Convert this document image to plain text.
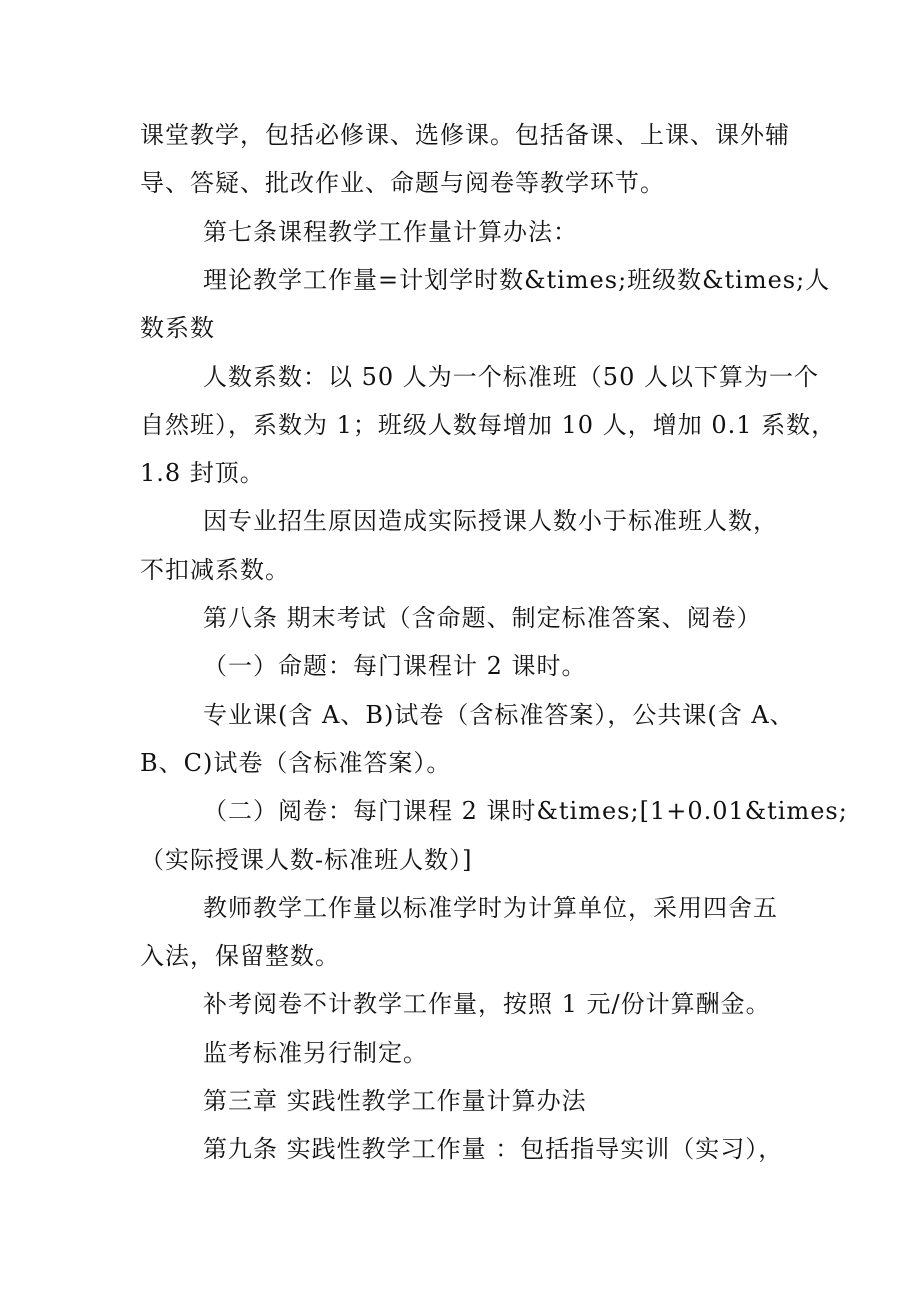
课堂教学，包括必修课、选修课。包括备课、上课、课外辅
导、答疑、批改作业、命题与阅卷等教学环节。
第七条课程教学工作量计算办法：
理论教学工作量=计划学时数&times;班级数&times;人
数系数
人数系数：以 50 人为一个标准班（50 人以下算为一个
自然班），系数为 1；班级人数每增加 10 人，增加 0.1 系数，
1.8 封顶。
因专业招生原因造成实际授课人数小于标准班人数，
不扣减系数。
第八条 期末考试（含命题、制定标准答案、阅卷）
（一）命题：每门课程计 2 课时。
专业课(含 A、B)试卷（含标准答案），公共课(含 A、
B、C)试卷（含标准答案）。
（二）阅卷：每门课程 2 课时&times;[1+0.01&times;
（实际授课人数-标准班人数）]
教师教学工作量以标准学时为计算单位，采用四舍五
入法，保留整数。
补考阅卷不计教学工作量，按照 1 元/份计算酬金。
监考标准另行制定。
第三章 实践性教学工作量计算办法
第九条 实践性教学工作量 ：包括指导实训（实习），
